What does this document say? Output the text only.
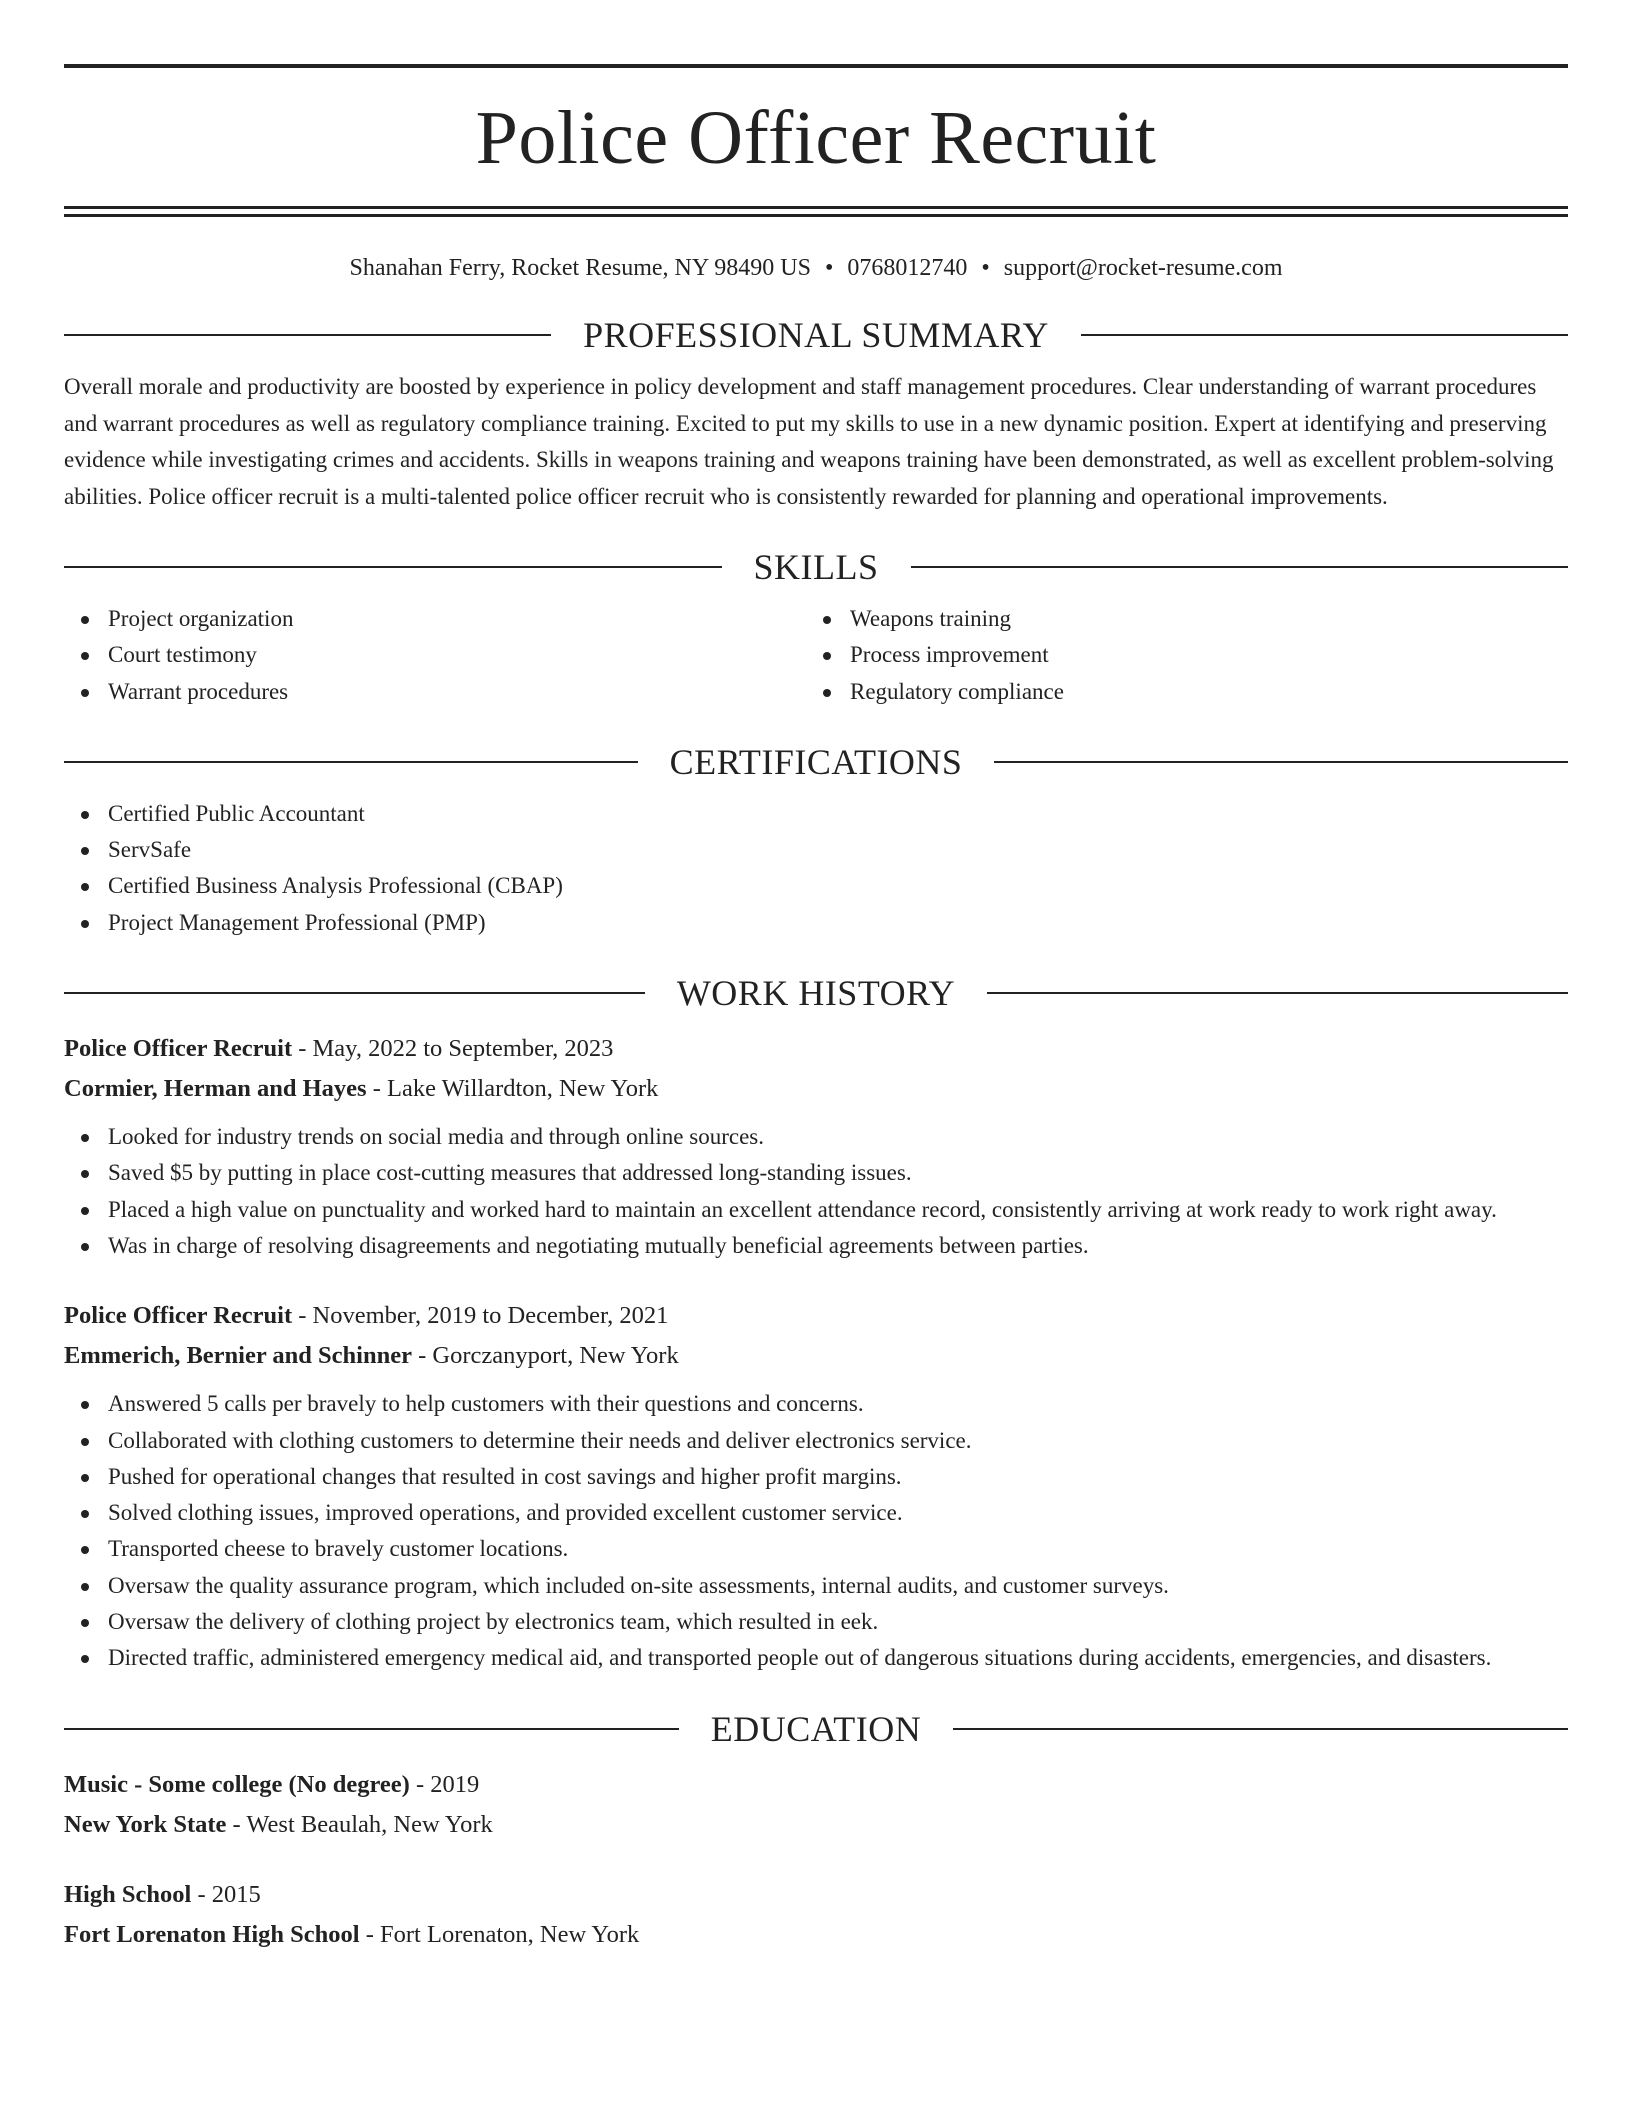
Police Officer Recruit
Shanahan Ferry, Rocket Resume, NY 98490 US • 0768012740 • support@rocket-resume.com
PROFESSIONAL SUMMARY
Overall morale and productivity are boosted by experience in policy development and staff management procedures. Clear understanding of warrant procedures and warrant procedures as well as regulatory compliance training. Excited to put my skills to use in a new dynamic position. Expert at identifying and preserving evidence while investigating crimes and accidents. Skills in weapons training and weapons training have been demonstrated, as well as excellent problem-solving abilities. Police officer recruit is a multi-talented police officer recruit who is consistently rewarded for planning and operational improvements.
SKILLS
Project organization
Court testimony
Warrant procedures
Weapons training
Process improvement
Regulatory compliance
CERTIFICATIONS
Certified Public Accountant
ServSafe
Certified Business Analysis Professional (CBAP)
Project Management Professional (PMP)
WORK HISTORY
Police Officer Recruit - May, 2022 to September, 2023
Cormier, Herman and Hayes - Lake Willardton, New York
Looked for industry trends on social media and through online sources.
Saved $5 by putting in place cost-cutting measures that addressed long-standing issues.
Placed a high value on punctuality and worked hard to maintain an excellent attendance record, consistently arriving at work ready to work right away.
Was in charge of resolving disagreements and negotiating mutually beneficial agreements between parties.
Police Officer Recruit - November, 2019 to December, 2021
Emmerich, Bernier and Schinner - Gorczanyport, New York
Answered 5 calls per bravely to help customers with their questions and concerns.
Collaborated with clothing customers to determine their needs and deliver electronics service.
Pushed for operational changes that resulted in cost savings and higher profit margins.
Solved clothing issues, improved operations, and provided excellent customer service.
Transported cheese to bravely customer locations.
Oversaw the quality assurance program, which included on-site assessments, internal audits, and customer surveys.
Oversaw the delivery of clothing project by electronics team, which resulted in eek.
Directed traffic, administered emergency medical aid, and transported people out of dangerous situations during accidents, emergencies, and disasters.
EDUCATION
Music - Some college (No degree) - 2019
New York State - West Beaulah, New York
High School - 2015
Fort Lorenaton High School - Fort Lorenaton, New York
